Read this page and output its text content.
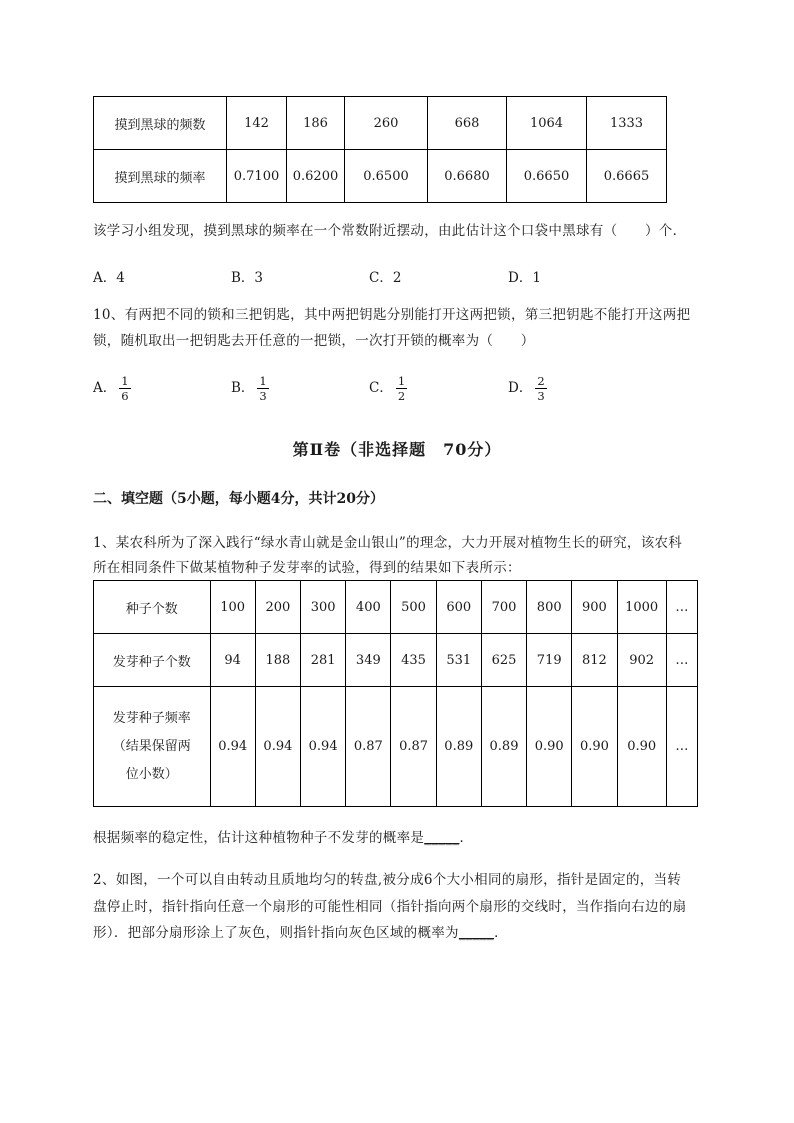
摸到黑球的频数	142	186	260	668	1064	1333
摸到黑球的频率	0.7100	0.6200	0.6500	0.6680	0.6650	0.6665
该学习小组发现，摸到黑球的频率在一个常数附近摆动，由此估计这个口袋中黑球有（　　）个．
A．4	B．3	C．2	D．1
10、有两把不同的锁和三把钥匙，其中两把钥匙分别能打开这两把锁，第三把钥匙不能打开这两把
锁，随机取出一把钥匙去开任意的一把锁，一次打开锁的概率为（　　）
A． $\frac{1}{6}$	B． $\frac{1}{3}$	C． $\frac{1}{2}$	D． $\frac{2}{3}$
第Ⅱ卷（非选择题　70分）
二、填空题（5小题，每小题4分，共计20分）
1、某农科所为了深入践行“绿水青山就是金山银山”的理念，大力开展对植物生长的研究，该农科
所在相同条件下做某植物种子发芽率的试验，得到的结果如下表所示：
种子个数	100	200	300	400	500	600	700	800	900	1000	…
发芽种子个数	94	188	281	349	435	531	625	719	812	902	…

发芽种子频率
（结果保留两
位小数）	0.94	0.94	0.94	0.87	0.87	0.89	0.89	0.90	0.90	0.90	…
根据频率的稳定性，估计这种植物种子不发芽的概率是_____．
2、如图，一个可以自由转动且质地均匀的转盘,被分成6个大小相同的扇形，指针是固定的，当转
盘停止时，指针指向任意一个扇形的可能性相同（指针指向两个扇形的交线时，当作指向右边的扇
形）．把部分扇形涂上了灰色，则指针指向灰色区域的概率为_____．
